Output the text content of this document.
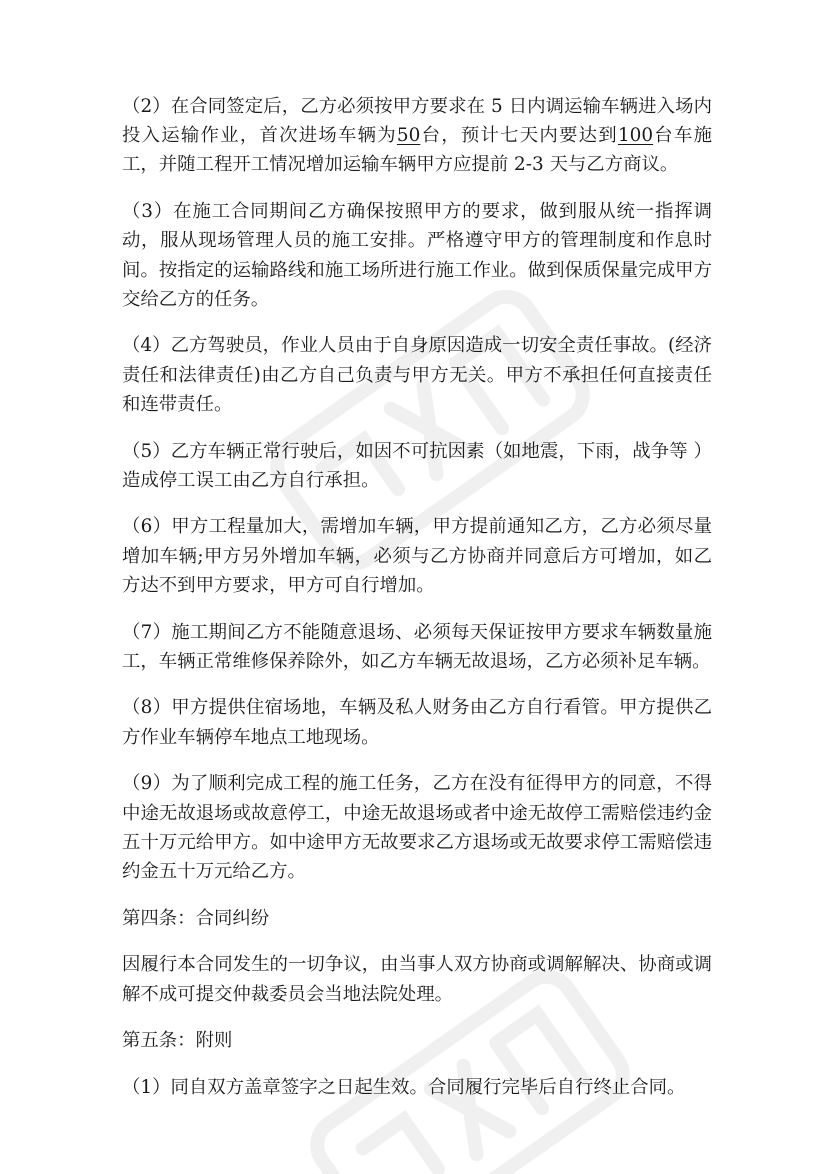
（2）在合同签定后，乙方必须按甲方要求在 5 日内调运输车辆进入场内投入运输作业，首次进场车辆为50台，预计七天内要达到100台车施工，并随工程开工情况增加运输车辆甲方应提前 2-3 天与乙方商议。

（3）在施工合同期间乙方确保按照甲方的要求，做到服从统一指挥调动，服从现场管理人员的施工安排。严格遵守甲方的管理制度和作息时间。按指定的运输路线和施工场所进行施工作业。做到保质保量完成甲方交给乙方的任务。

（4）乙方驾驶员，作业人员由于自身原因造成一切安全责任事故。(经济责任和法律责任)由乙方自己负责与甲方无关。甲方不承担任何直接责任和连带责任。

（5）乙方车辆正常行驶后，如因不可抗因素（如地震，下雨，战争等 ）造成停工误工由乙方自行承担。

（6）甲方工程量加大，需增加车辆，甲方提前通知乙方，乙方必须尽量增加车辆;甲方另外增加车辆，必须与乙方协商并同意后方可增加，如乙方达不到甲方要求，甲方可自行增加。

（7）施工期间乙方不能随意退场、必须每天保证按甲方要求车辆数量施工，车辆正常维修保养除外，如乙方车辆无故退场，乙方必须补足车辆。

（8）甲方提供住宿场地，车辆及私人财务由乙方自行看管。甲方提供乙方作业车辆停车地点工地现场。

（9）为了顺利完成工程的施工任务，乙方在没有征得甲方的同意，不得中途无故退场或故意停工，中途无故退场或者中途无故停工需赔偿违约金五十万元给甲方。如中途甲方无故要求乙方退场或无故要求停工需赔偿违约金五十万元给乙方。

第四条：合同纠纷

因履行本合同发生的一切争议，由当事人双方协商或调解解决、协商或调解不成可提交仲裁委员会当地法院处理。

第五条：附则

（1）同自双方盖章签字之日起生效。合同履行完毕后自行终止合同。
